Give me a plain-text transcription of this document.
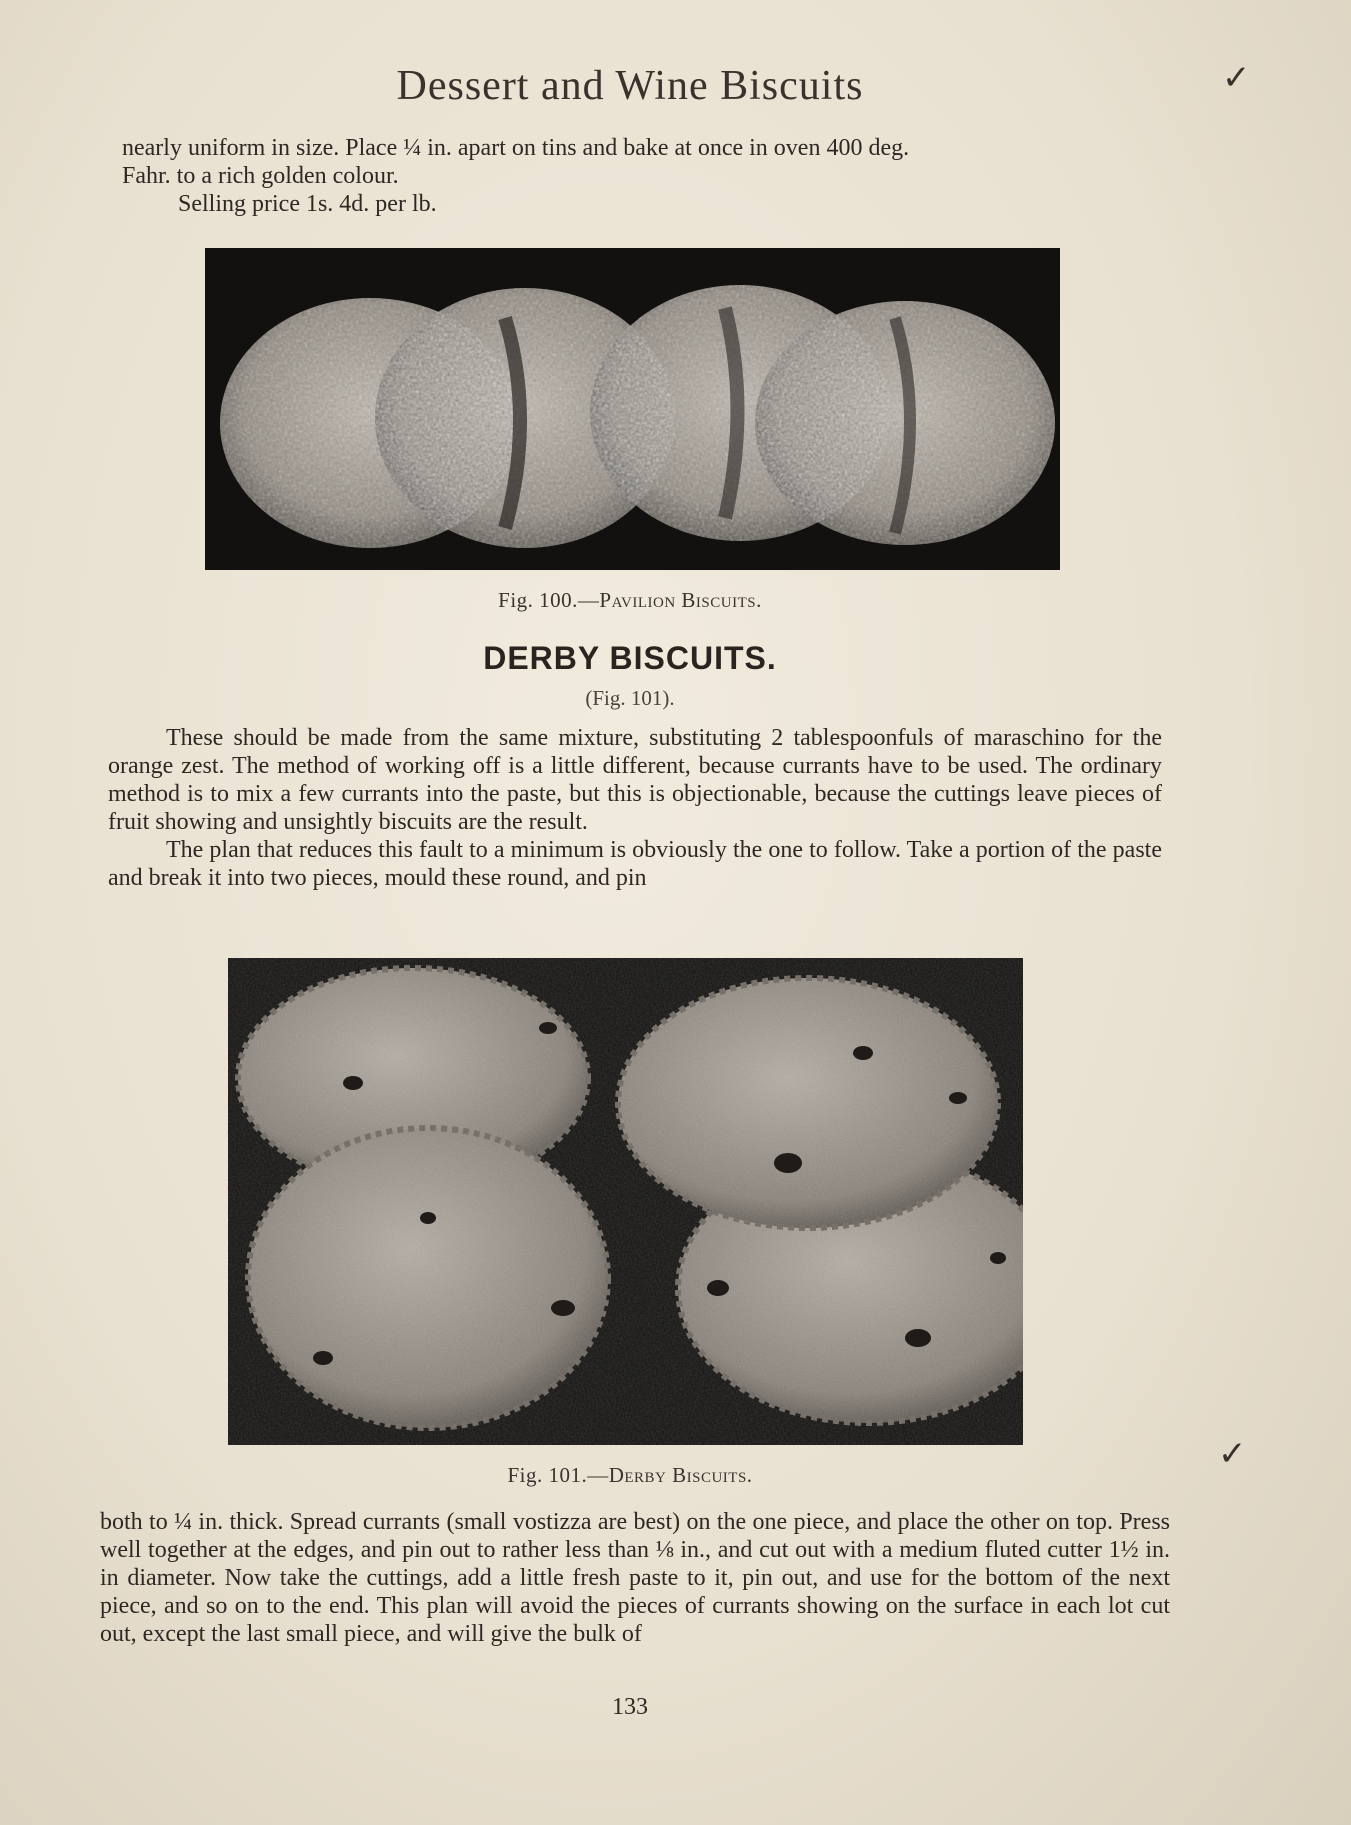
Dessert and Wine Biscuits	✓
✓
nearly uniform in size. Place ¼ in. apart on tins and bake at once in oven 400 deg.
Fahr. to a rich golden colour.
Selling price 1s. 4d. per lb.
Fig. 100.—Pavilion Biscuits.
DERBY BISCUITS.
(Fig. 101).

These should be made from the same mixture, substituting 2 tablespoonfuls of maraschino for the orange zest. The method of working off is a little different, because currants have to be used. The ordinary method is to mix a few currants into the paste, but this is objectionable, because the cuttings leave pieces of fruit showing and unsightly biscuits are the result.

The plan that reduces this fault to a minimum is obviously the one to follow. Take a portion of the paste and break it into two pieces, mould these round, and pin

Fig. 101.—Derby Biscuits.
both to ¼ in. thick. Spread currants (small vostizza are best) on the one piece, and place the other on top. Press well together at the edges, and pin out to rather less than ⅛ in., and cut out with a medium fluted cutter 1½ in. in diameter. Now take the cuttings, add a little fresh paste to it, pin out, and use for the bottom of the next piece, and so on to the end. This plan will avoid the pieces of currants showing on the surface in each lot cut out, except the last small piece, and will give the bulk of
133
